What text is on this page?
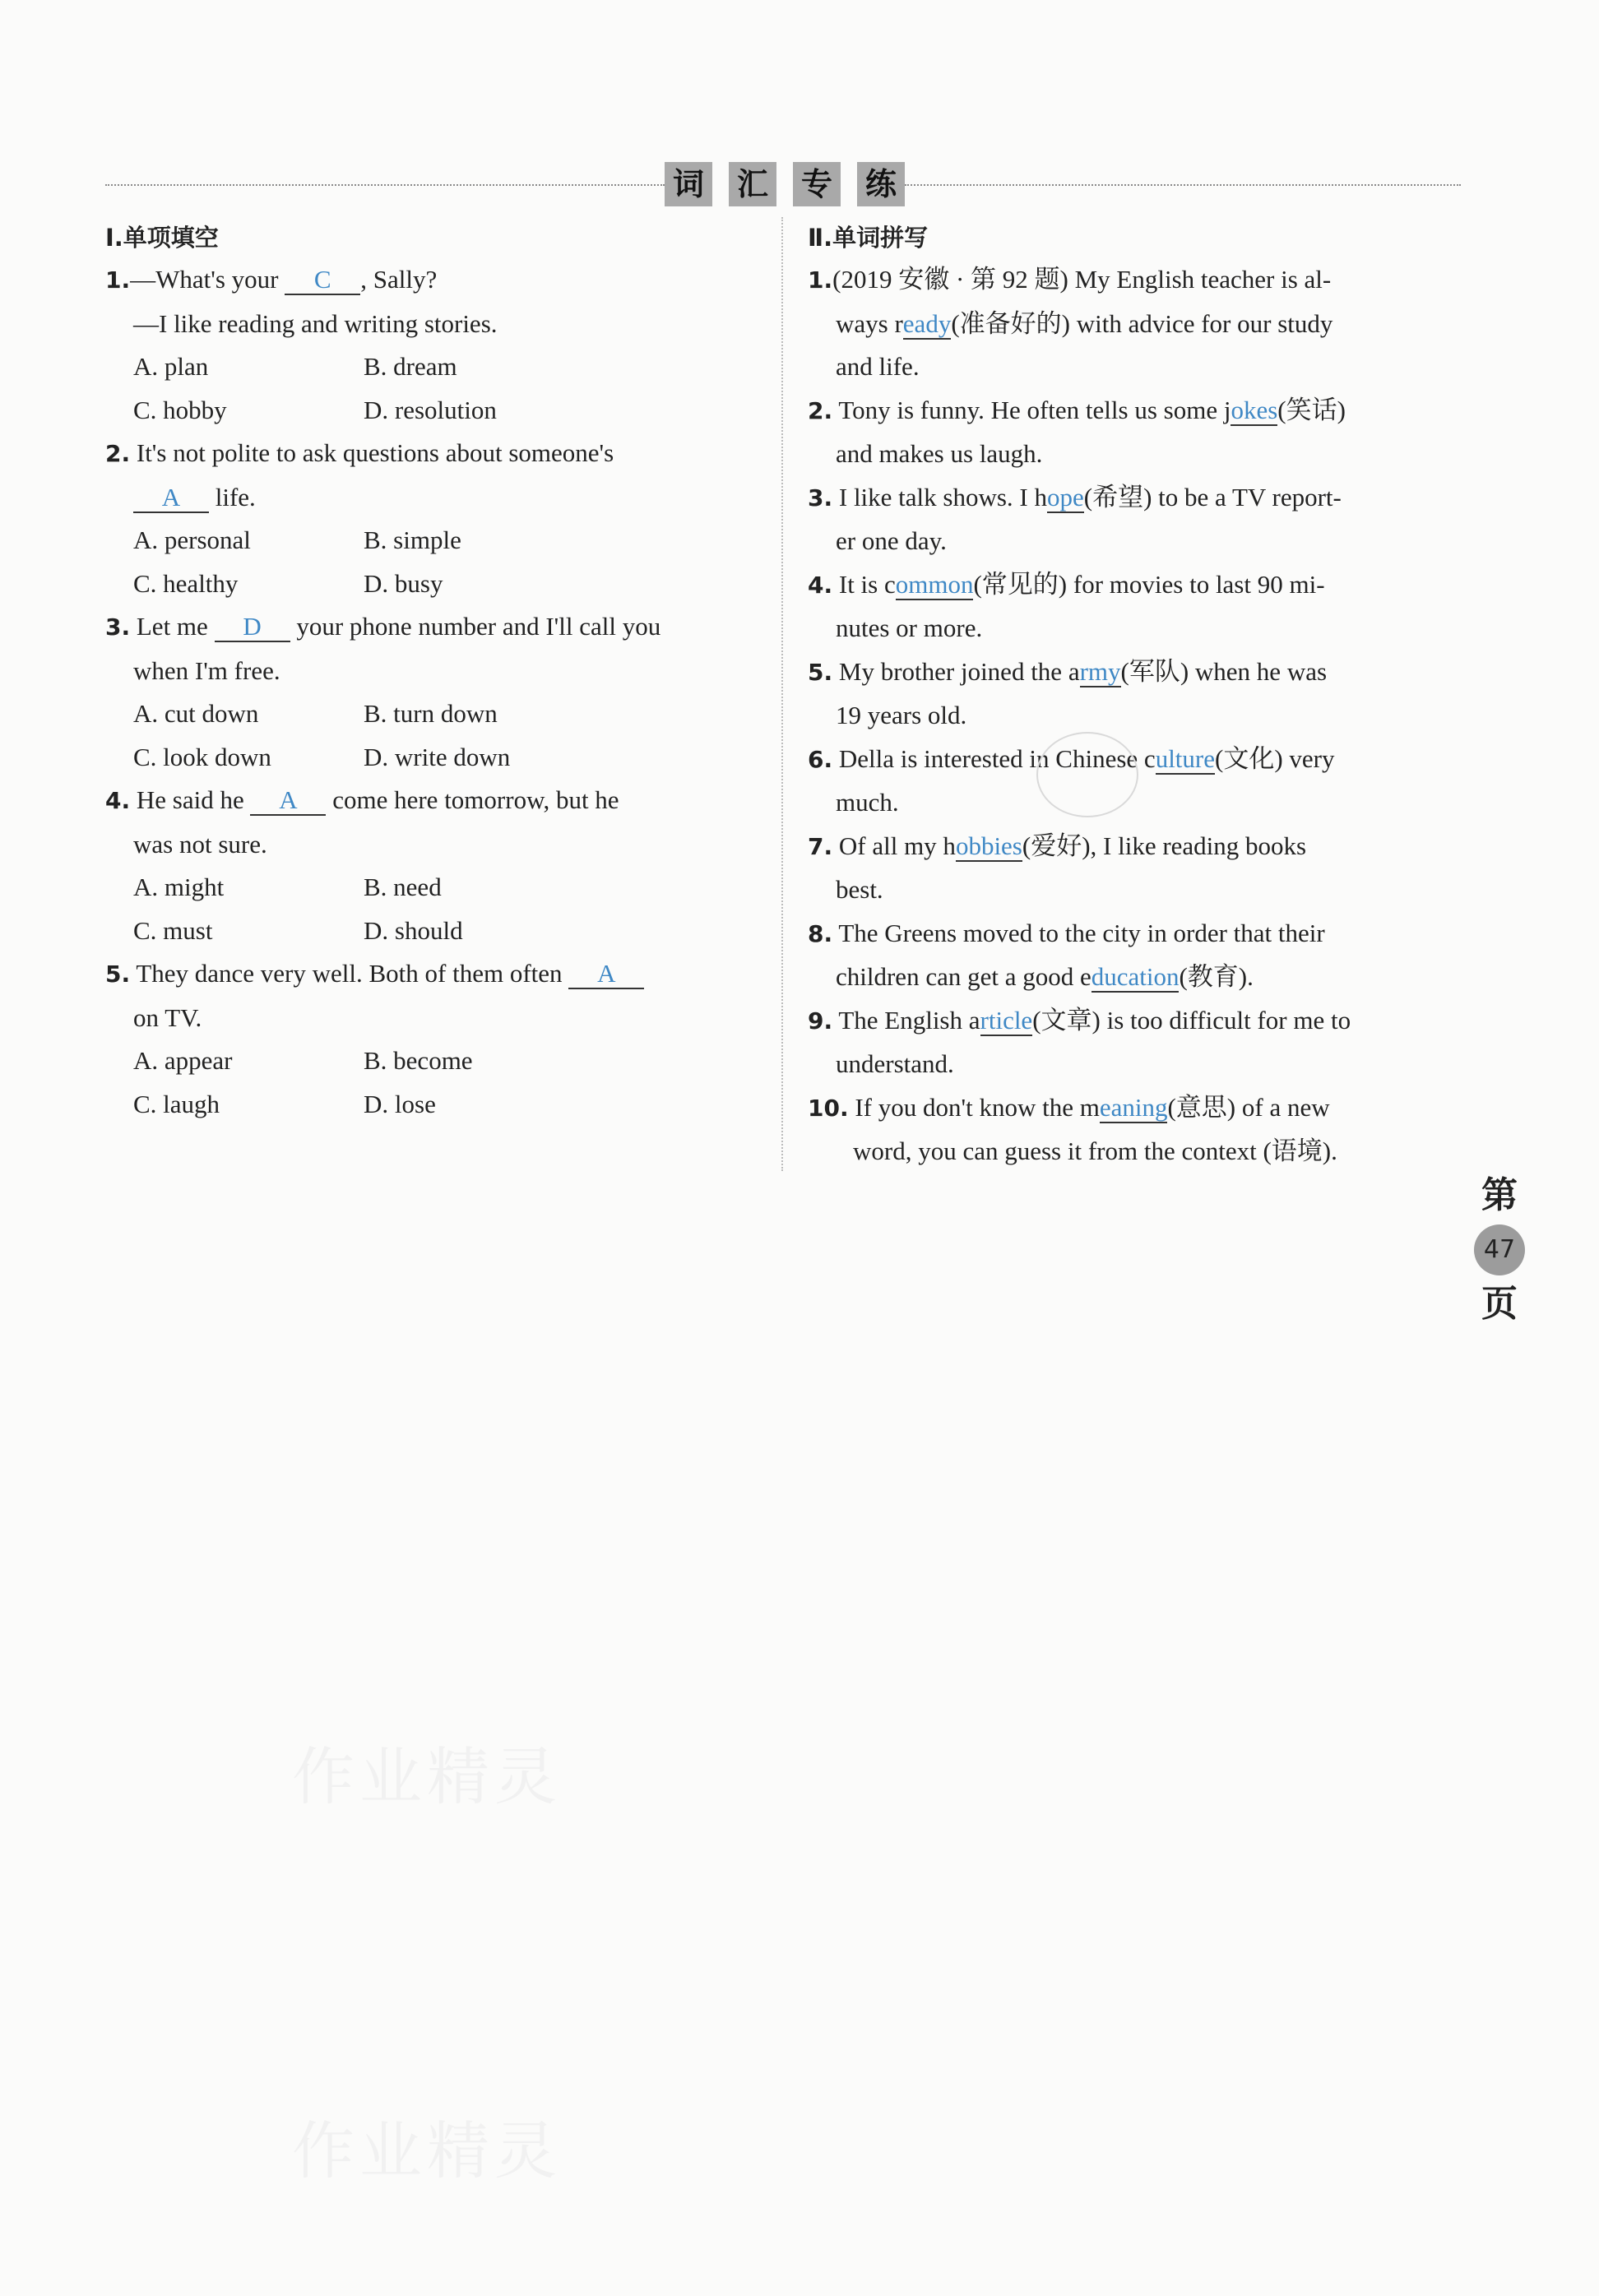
词 汇 专 练
Ⅰ.单项填空
1.—What's your C , Sally?
—I like reading and writing stories.
A. plan	B. dream
C. hobby	D. resolution
2. It's not polite to ask questions about someone's
A life.
A. personal	B. simple
C. healthy	D. busy
3. Let me D your phone number and I'll call you
when I'm free.
A. cut down	B. turn down
C. look down	D. write down
4. He said he A come here tomorrow, but he
was not sure.
A. might	B. need
C. must	D. should
5. They dance very well. Both of them often A
on TV.
A. appear	B. become
C. laugh	D. lose
Ⅱ.单词拼写
1.(2019 安徽 · 第 92 题) My English teacher is al-
ways ready(准备好的) with advice for our study
and life.
2. Tony is funny. He often tells us some jokes(笑话)
and makes us laugh.
3. I like talk shows. I hope(希望) to be a TV report-
er one day.
4. It is common(常见的) for movies to last 90 mi-
nutes or more.
5. My brother joined the army(军队) when he was
19 years old.
6. Della is interested in Chinese culture(文化) very
much.
7. Of all my hobbies(爱好), I like reading books
best.
8. The Greens moved to the city in order that their
children can get a good education(教育).
9. The English article(文章) is too difficult for me to
understand.
10. If you don't know the meaning(意思) of a new
word, you can guess it from the context (语境).
第
47
页
作业精灵
作业精灵
